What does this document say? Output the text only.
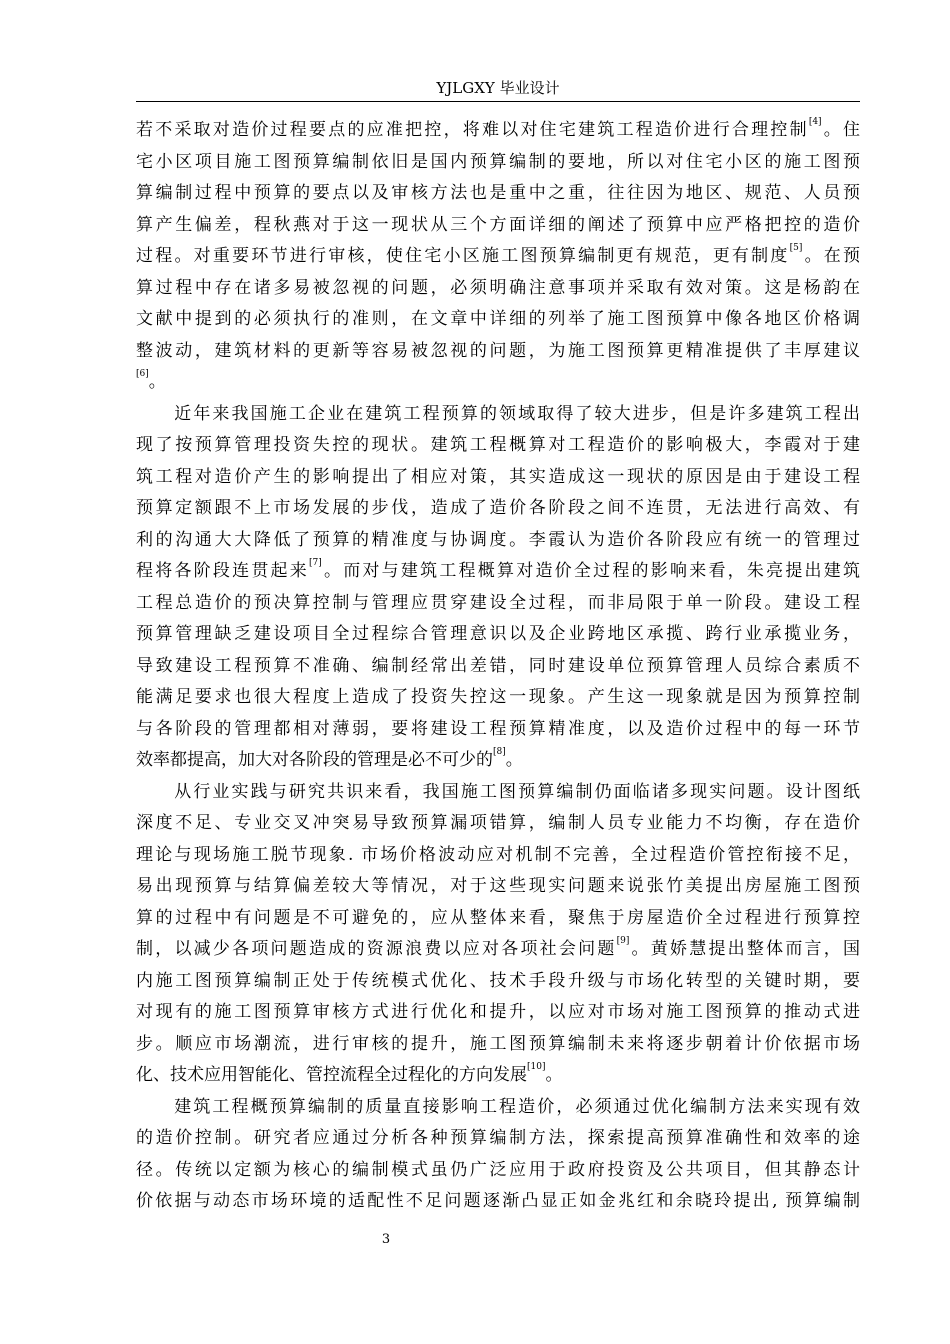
YJLGXY 毕业设计
若不采取对造价过程要点的应准把控，将难以对住宅建筑工程造价进行合理控制[4]。住
宅小区项目施工图预算编制依旧是国内预算编制的要地，所以对住宅小区的施工图预
算编制过程中预算的要点以及审核方法也是重中之重，往往因为地区、规范、人员预
算产生偏差，程秋燕对于这一现状从三个方面详细的阐述了预算中应严格把控的造价
过程。对重要环节进行审核，使住宅小区施工图预算编制更有规范，更有制度[5]。在预
算过程中存在诸多易被忽视的问题，必须明确注意事项并采取有效对策。这是杨韵在
文献中提到的必须执行的准则，在文章中详细的列举了施工图预算中像各地区价格调
整波动，建筑材料的更新等容易被忽视的问题，为施工图预算更精准提供了丰厚建议
[6]。
　　近年来我国施工企业在建筑工程预算的领域取得了较大进步，但是许多建筑工程出
现了按预算管理投资失控的现状。建筑工程概算对工程造价的影响极大，李霞对于建
筑工程对造价产生的影响提出了相应对策，其实造成这一现状的原因是由于建设工程
预算定额跟不上市场发展的步伐，造成了造价各阶段之间不连贯，无法进行高效、有
利的沟通大大降低了预算的精准度与协调度。李霞认为造价各阶段应有统一的管理过
程将各阶段连贯起来[7]。而对与建筑工程概算对造价全过程的影响来看，朱亮提出建筑
工程总造价的预决算控制与管理应贯穿建设全过程，而非局限于单一阶段。建设工程
预算管理缺乏建设项目全过程综合管理意识以及企业跨地区承揽、跨行业承揽业务，
导致建设工程预算不准确、编制经常出差错，同时建设单位预算管理人员综合素质不
能满足要求也很大程度上造成了投资失控这一现象。产生这一现象就是因为预算控制
与各阶段的管理都相对薄弱，要将建设工程预算精准度，以及造价过程中的每一环节
效率都提高，加大对各阶段的管理是必不可少的[8]。
　　从行业实践与研究共识来看，我国施工图预算编制仍面临诸多现实问题。设计图纸
深度不足、专业交叉冲突易导致预算漏项错算，编制人员专业能力不均衡，存在造价
理论与现场施工脱节现象. 市场价格波动应对机制不完善，全过程造价管控衔接不足，
易出现预算与结算偏差较大等情况，对于这些现实问题来说张竹美提出房屋施工图预
算的过程中有问题是不可避免的，应从整体来看，聚焦于房屋造价全过程进行预算控
制，以减少各项问题造成的资源浪费以应对各项社会问题[9]。黄娇慧提出整体而言，国
内施工图预算编制正处于传统模式优化、技术手段升级与市场化转型的关键时期，要
对现有的施工图预算审核方式进行优化和提升，以应对市场对施工图预算的推动式进
步。顺应市场潮流，进行审核的提升，施工图预算编制未来将逐步朝着计价依据市场
化、技术应用智能化、管控流程全过程化的方向发展[10]。
　　建筑工程概预算编制的质量直接影响工程造价，必须通过优化编制方法来实现有效
的造价控制。研究者应通过分析各种预算编制方法，探索提高预算准确性和效率的途
径。传统以定额为核心的编制模式虽仍广泛应用于政府投资及公共项目，但其静态计
价依据与动态市场环境的适配性不足问题逐渐凸显正如金兆红和余晓玲提出, 预算编制
3
